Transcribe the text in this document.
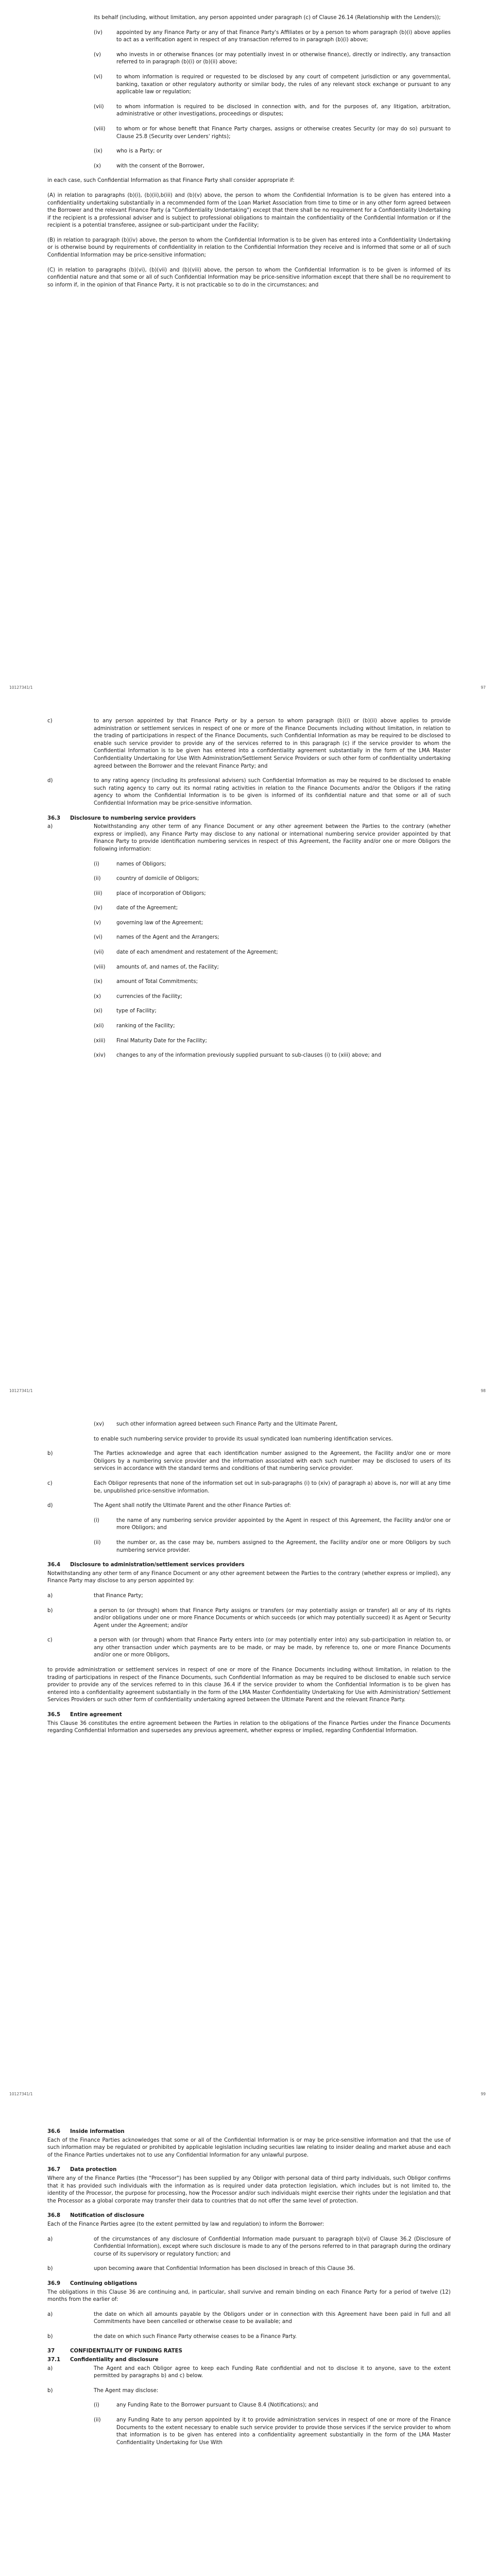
its behalf (including, without limitation, any person appointed under paragraph (c) of Clause 26.14 (Relationship with the Lenders));

(iv)	appointed by any Finance Party or any of that Finance Party's Affiliates or by a person to whom paragraph (b)(i) above applies to act as a verification agent in respect of any transaction referred to in paragraph (b)(i) above;
(v)	who invests in or otherwise finances (or may potentially invest in or otherwise finance), directly or indirectly, any transaction referred to in paragraph (b)(i) or (b)(ii) above;
(vi)	to whom information is required or requested to be disclosed by any court of competent jurisdiction or any governmental, banking, taxation or other regulatory authority or similar body, the rules of any relevant stock exchange or pursuant to any applicable law or regulation;
(vii)	to whom information is required to be disclosed in connection with, and for the purposes of, any litigation, arbitration, administrative or other investigations, proceedings or disputes;
(viii)	to whom or for whose benefit that Finance Party charges, assigns or otherwise creates Security (or may do so) pursuant to Clause 25.8 (Security over Lenders' rights);
(ix)	who is a Party; or
(x)	with the consent of the Borrower,

in each case, such Confidential Information as that Finance Party shall consider appropriate if:

(A) in relation to paragraphs (b)(i), (b)(ii),b(iii) and (b)(v) above, the person to whom the Confidential Information is to be given has entered into a confidentiality undertaking substantially in a recommended form of the Loan Market Association from time to time or in any other form agreed between the Borrower and the relevant Finance Party (a "Confidentiality Undertaking") except that there shall be no requirement for a Confidentiality Undertaking if the recipient is a professional adviser and is subject to professional obligations to maintain the confidentiality of the Confidential Information or if the recipient is a potential transferee, assignee or sub-participant under the Facility;

(B) in relation to paragraph (b)(iv) above, the person to whom the Confidential Information is to be given has entered into a Confidentiality Undertaking or is otherwise bound by requirements of confidentiality in relation to the Confidential Information they receive and is informed that some or all of such Confidential Information may be price-sensitive information;

(C) in relation to paragraphs (b)(vi), (b)(vii) and (b)(viii) above, the person to whom the Confidential Information is to be given is informed of its confidential nature and that some or all of such Confidential Information may be price-sensitive information except that there shall be no requirement to so inform if, in the opinion of that Finance Party, it is not practicable so to do in the circumstances; and

10127341/1	97
c)	to any person appointed by that Finance Party or by a person to whom paragraph (b)(i) or (b)(ii) above applies to provide administration or settlement services in respect of one or more of the Finance Documents including without limitation, in relation to the trading of participations in respect of the Finance Documents, such Confidential Information as may be required to be disclosed to enable such service provider to provide any of the services referred to in this paragraph (c) if the service provider to whom the Confidential Information is to be given has entered into a confidentiality agreement substantially in the form of the LMA Master Confidentiality Undertaking for Use With Administration/Settlement Service Providers or such other form of confidentiality undertaking agreed between the Borrower and the relevant Finance Party; and
d)	to any rating agency (including its professional advisers) such Confidential Information as may be required to be disclosed to enable such rating agency to carry out its normal rating activities in relation to the Finance Documents and/or the Obligors if the rating agency to whom the Confidential Information is to be given is informed of its confidential nature and that some or all of such Confidential Information may be price-sensitive information.
36.3	Disclosure to numbering service providers
a)	Notwithstanding any other term of any Finance Document or any other agreement between the Parties to the contrary (whether express or implied), any Finance Party may disclose to any national or international numbering service provider appointed by that Finance Party to provide identification numbering services in respect of this Agreement, the Facility and/or one or more Obligors the following information:
(i)	names of Obligors;
(ii)	country of domicile of Obligors;
(iii)	place of incorporation of Obligors;
(iv)	date of the Agreement;
(v)	governing law of the Agreement;
(vi)	names of the Agent and the Arrangers;
(vii)	date of each amendment and restatement of the Agreement;
(viii)	amounts of, and names of, the Facility;
(ix)	amount of Total Commitments;
(x)	currencies of the Facility;
(xi)	type of Facility;
(xii)	ranking of the Facility;
(xiii)	Final Maturity Date for the Facility;
(xiv)	changes to any of the information previously supplied pursuant to sub-clauses (i) to (xiii) above; and
10127341/1	98
(xv)	such other information agreed between such Finance Party and the Ultimate Parent,

to enable such numbering service provider to provide its usual syndicated loan numbering identification services.

b)	The Parties acknowledge and agree that each identification number assigned to the Agreement, the Facility and/or one or more Obligors by a numbering service provider and the information associated with each such number may be disclosed to users of its services in accordance with the standard terms and conditions of that numbering service provider.
c)	Each Obligor represents that none of the information set out in sub-paragraphs (i) to (xiv) of paragraph a) above is, nor will at any time be, unpublished price-sensitive information.
d)	The Agent shall notify the Ultimate Parent and the other Finance Parties of:
(i)	the name of any numbering service provider appointed by the Agent in respect of this Agreement, the Facility and/or one or more Obligors; and
(ii)	the number or, as the case may be, numbers assigned to the Agreement, the Facility and/or one or more Obligors by such numbering service provider.
36.4	Disclosure to administration/settlement services providers

Notwithstanding any other term of any Finance Document or any other agreement between the Parties to the contrary (whether express or implied), any Finance Party may disclose to any person appointed by:

a)	that Finance Party;
b)	a person to (or through) whom that Finance Party assigns or transfers (or may potentially assign or transfer) all or any of its rights and/or obligations under one or more Finance Documents or which succeeds (or which may potentially succeed) it as Agent or Security Agent under the Agreement; and/or
c)	a person with (or through) whom that Finance Party enters into (or may potentially enter into) any sub-participation in relation to, or any other transaction under which payments are to be made, or may be made, by reference to, one or more Finance Documents and/or one or more Obligors,

to provide administration or settlement services in respect of one or more of the Finance Documents including without limitation, in relation to the trading of participations in respect of the Finance Documents, such Confidential Information as may be required to be disclosed to enable such service provider to provide any of the services referred to in this clause 36.4 if the service provider to whom the Confidential Information is to be given has entered into a confidentiality agreement substantially in the form of the LMA Master Confidentiality Undertaking for Use with Administration/ Settlement Services Providers or such other form of confidentiality undertaking agreed between the Ultimate Parent and the relevant Finance Party.

36.5	Entire agreement

This Clause 36 constitutes the entire agreement between the Parties in relation to the obligations of the Finance Parties under the Finance Documents regarding Confidential Information and supersedes any previous agreement, whether express or implied, regarding Confidential Information.

10127341/1	99
36.6	Inside information

Each of the Finance Parties acknowledges that some or all of the Confidential Information is or may be price-sensitive information and that the use of such information may be regulated or prohibited by applicable legislation including securities law relating to insider dealing and market abuse and each of the Finance Parties undertakes not to use any Confidential Information for any unlawful purpose.

36.7	Data protection

Where any of the Finance Parties (the "Processor") has been supplied by any Obligor with personal data of third party individuals, such Obligor confirms that it has provided such individuals with the information as is required under data protection legislation, which includes but is not limited to, the identity of the Processor, the purpose for processing, how the Processor and/or such individuals might exercise their rights under the legislation and that the Processor as a global corporate may transfer their data to countries that do not offer the same level of protection.

36.8	Notification of disclosure

Each of the Finance Parties agree (to the extent permitted by law and regulation) to inform the Borrower:

a)	of the circumstances of any disclosure of Confidential Information made pursuant to paragraph b)(vi) of Clause 36.2 (Disclosure of Confidential Information), except where such disclosure is made to any of the persons referred to in that paragraph during the ordinary course of its supervisory or regulatory function; and
b)	upon becoming aware that Confidential Information has been disclosed in breach of this Clause 36.
36.9	Continuing obligations

The obligations in this Clause 36 are continuing and, in particular, shall survive and remain binding on each Finance Party for a period of twelve (12) months from the earlier of:

a)	the date on which all amounts payable by the Obligors under or in connection with this Agreement have been paid in full and all Commitments have been cancelled or otherwise cease to be available; and
b)	the date on which such Finance Party otherwise ceases to be a Finance Party.
37	CONFIDENTIALITY OF FUNDING RATES
37.1	Confidentiality and disclosure
a)	The Agent and each Obligor agree to keep each Funding Rate confidential and not to disclose it to anyone, save to the extent permitted by paragraphs b) and c) below.
b)	The Agent may disclose:
(i)	any Funding Rate to the Borrower pursuant to Clause 8.4 (Notifications); and
(ii)	any Funding Rate to any person appointed by it to provide administration services in respect of one or more of the Finance Documents to the extent necessary to enable such service provider to provide those services if the service provider to whom that information is to be given has entered into a confidentiality agreement substantially in the form of the LMA Master Confidentiality Undertaking for Use With
